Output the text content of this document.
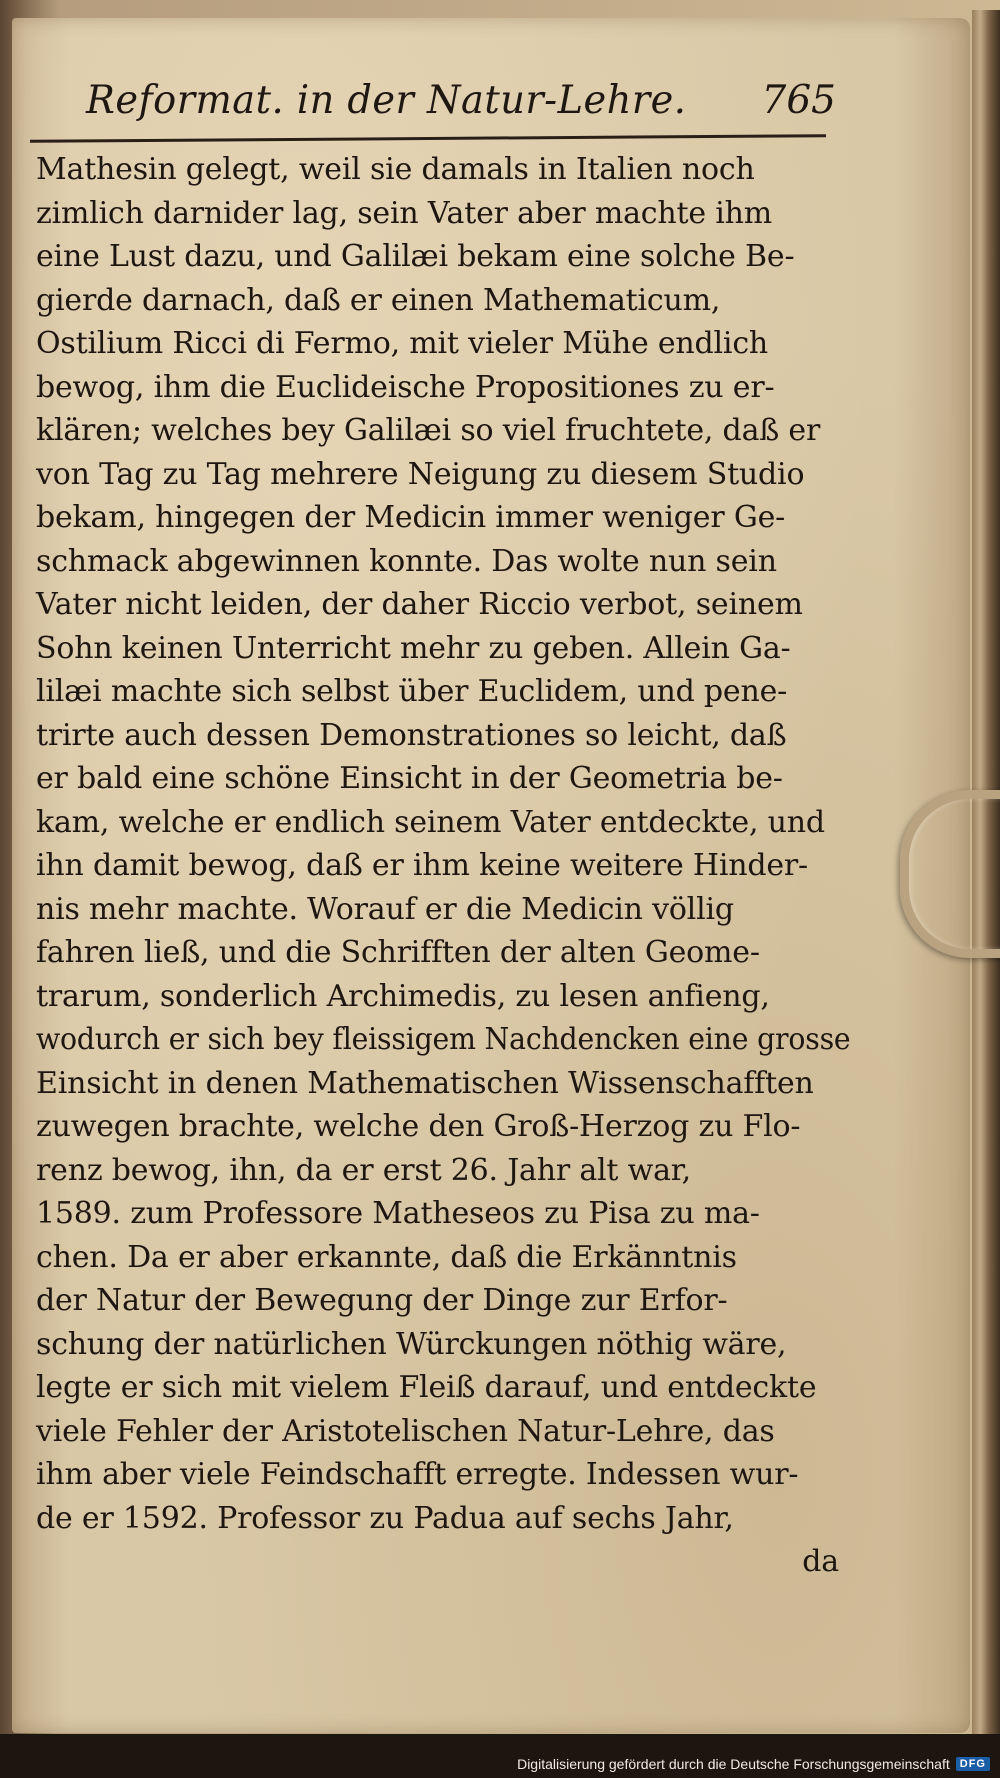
Reformat. in der Natur-Lehre. 765
Mathesin gelegt, weil sie damals in Italien noch
zimlich darnider lag, sein Vater aber machte ihm
eine Lust dazu, und Galilæi bekam eine solche Be-
gierde darnach, daß er einen Mathematicum,
Ostilium Ricci di Fermo, mit vieler Mühe endlich
bewog, ihm die Euclideische Propositiones zu er-
klären; welches bey Galilæi so viel fruchtete, daß er
von Tag zu Tag mehrere Neigung zu diesem Studio
bekam, hingegen der Medicin immer weniger Ge-
schmack abgewinnen konnte. Das wolte nun sein
Vater nicht leiden, der daher Riccio verbot, seinem
Sohn keinen Unterricht mehr zu geben. Allein Ga-
lilæi machte sich selbst über Euclidem, und pene-
trirte auch dessen Demonstrationes so leicht, daß
er bald eine schöne Einsicht in der Geometria be-
kam, welche er endlich seinem Vater entdeckte, und
ihn damit bewog, daß er ihm keine weitere Hinder-
nis mehr machte. Worauf er die Medicin völlig
fahren ließ, und die Schrifften der alten Geome-
trarum, sonderlich Archimedis, zu lesen anfieng,
wodurch er sich bey fleissigem Nachdencken eine grosse
Einsicht in denen Mathematischen Wissenschafften
zuwegen brachte, welche den Groß-Herzog zu Flo-
renz bewog, ihn, da er erst 26. Jahr alt war,
1589. zum Professore Matheseos zu Pisa zu ma-
chen. Da er aber erkannte, daß die Erkänntnis
der Natur der Bewegung der Dinge zur Erfor-
schung der natürlichen Würckungen nöthig wäre,
legte er sich mit vielem Fleiß darauf, und entdeckte
viele Fehler der Aristotelischen Natur-Lehre, das
ihm aber viele Feindschafft erregte. Indessen wur-
de er 1592. Professor zu Padua auf sechs Jahr,
da
Digitalisierung gefördert durch die Deutsche Forschungsgemeinschaft DFG
